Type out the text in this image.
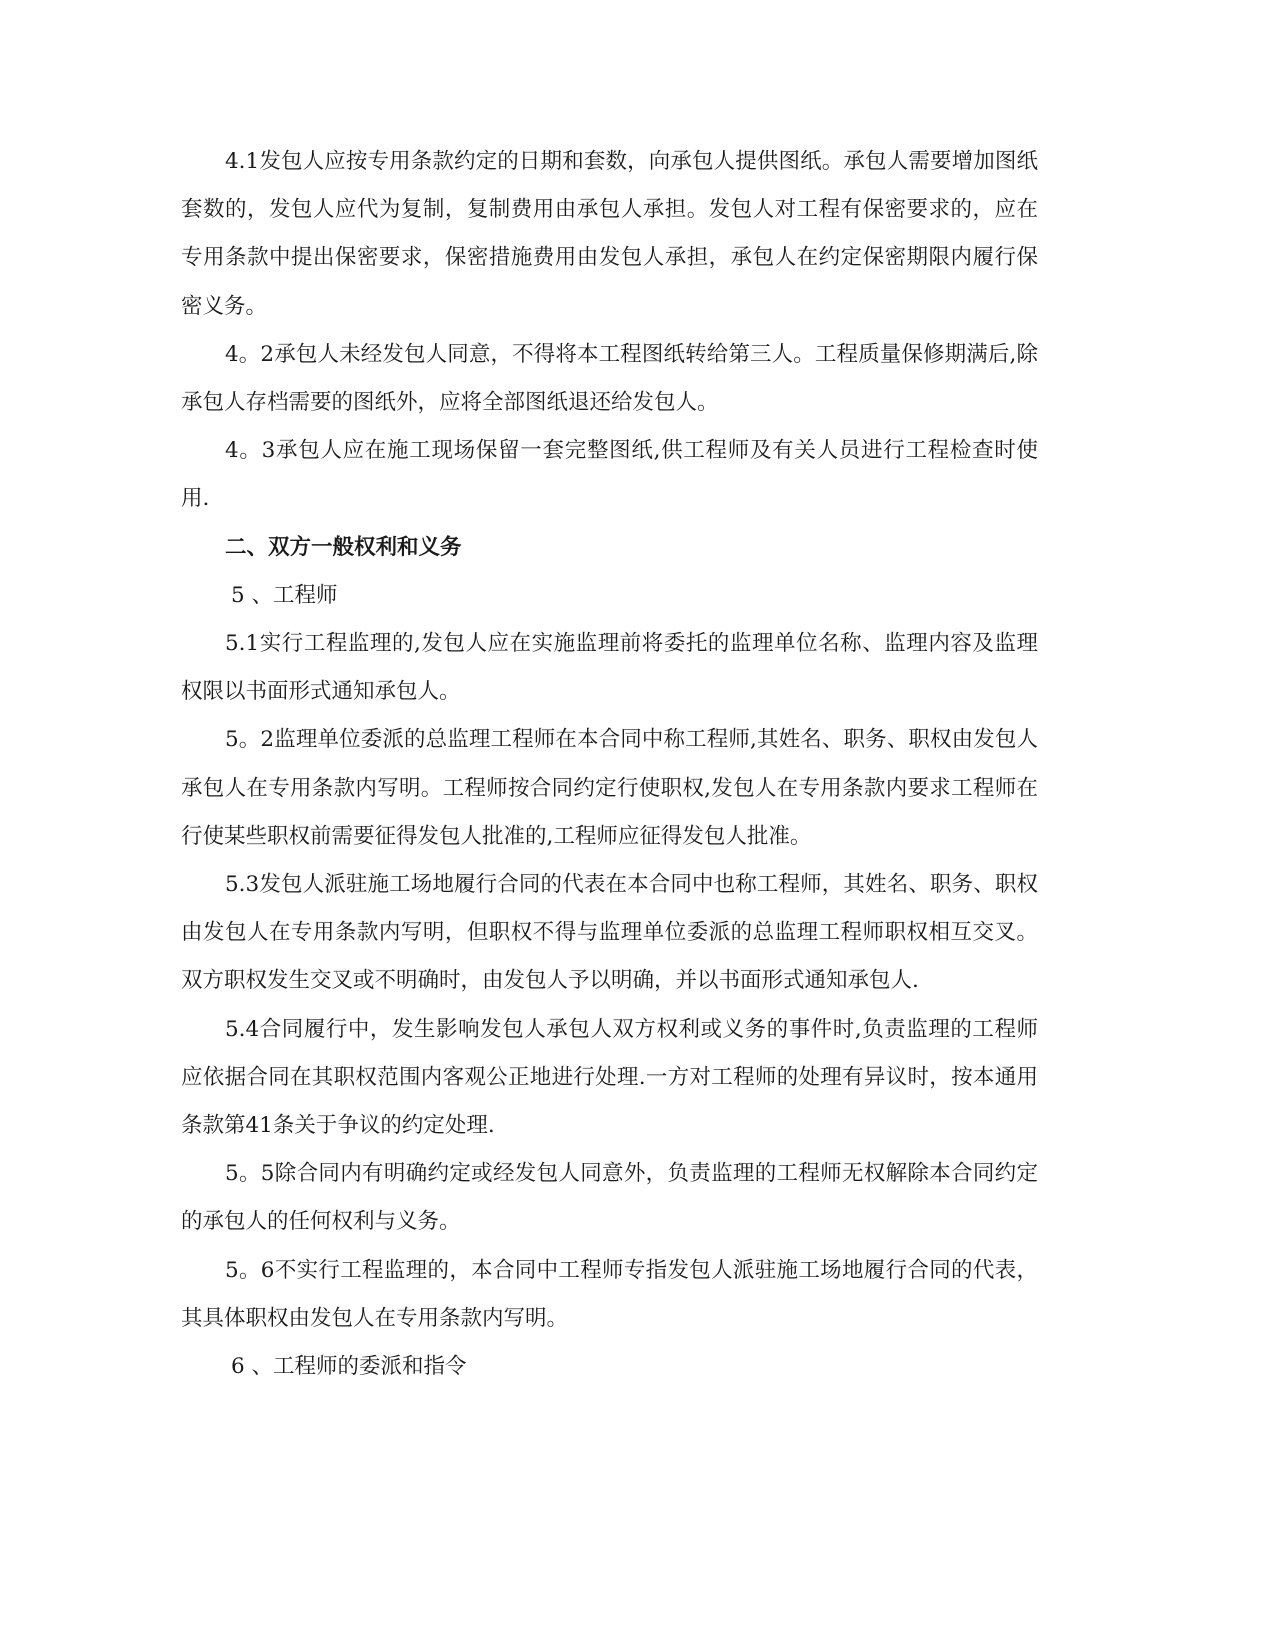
4.1发包人应按专用条款约定的日期和套数，向承包人提供图纸。承包人需要增加图纸套数的，发包人应代为复制，复制费用由承包人承担。发包人对工程有保密要求的，应在专用条款中提出保密要求，保密措施费用由发包人承担，承包人在约定保密期限内履行保密义务。

4。2承包人未经发包人同意，不得将本工程图纸转给第三人。工程质量保修期满后,除承包人存档需要的图纸外，应将全部图纸退还给发包人。

4。3承包人应在施工现场保留一套完整图纸,供工程师及有关人员进行工程检查时使用.

二、双方一般权利和义务

5 、工程师

5.1实行工程监理的,发包人应在实施监理前将委托的监理单位名称、监理内容及监理权限以书面形式通知承包人。

5。2监理单位委派的总监理工程师在本合同中称工程师,其姓名、职务、职权由发包人承包人在专用条款内写明。工程师按合同约定行使职权,发包人在专用条款内要求工程师在行使某些职权前需要征得发包人批准的,工程师应征得发包人批准。

5.3发包人派驻施工场地履行合同的代表在本合同中也称工程师，其姓名、职务、职权由发包人在专用条款内写明，但职权不得与监理单位委派的总监理工程师职权相互交叉。双方职权发生交叉或不明确时，由发包人予以明确，并以书面形式通知承包人.

5.4合同履行中，发生影响发包人承包人双方权利或义务的事件时,负责监理的工程师应依据合同在其职权范围内客观公正地进行处理.一方对工程师的处理有异议时，按本通用条款第41条关于争议的约定处理.

5。5除合同内有明确约定或经发包人同意外，负责监理的工程师无权解除本合同约定的承包人的任何权利与义务。

5。6不实行工程监理的，本合同中工程师专指发包人派驻施工场地履行合同的代表，其具体职权由发包人在专用条款内写明。

6 、工程师的委派和指令
